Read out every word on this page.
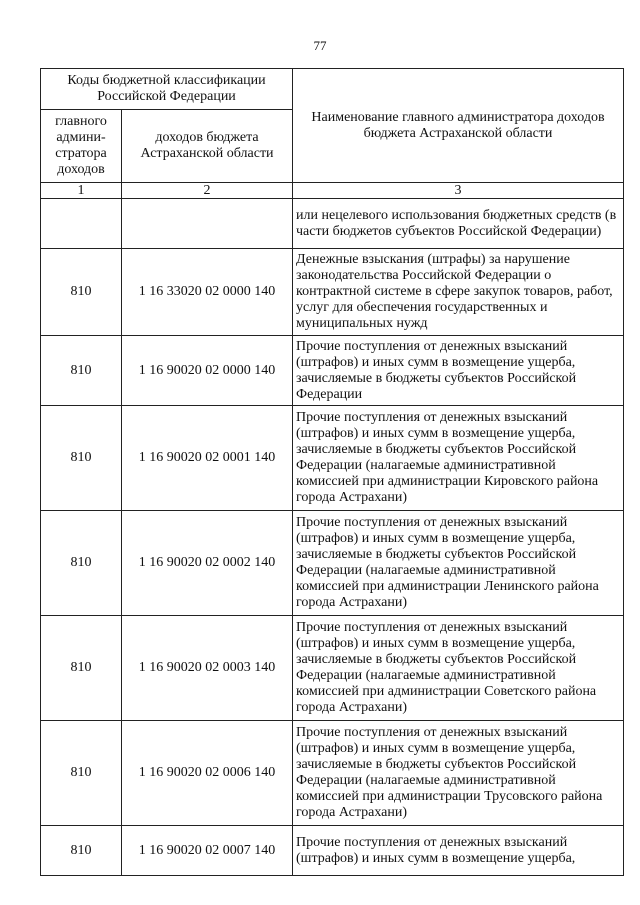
77
Коды бюджетной классификации Российской Федерации		Наименование главного администратора доходов бюджета Астраханской области
главного админи-стратора доходов	доходов бюджета Астраханской области	
1	2	3
		или нецелевого использования бюджетных средств (в части бюджетов субъектов Российской Федерации)
810	1 16 33020 02 0000 140	Денежные взыскания (штрафы) за нарушение законодательства Российской Федерации о контрактной системе в сфере закупок товаров, работ, услуг для обеспечения государственных и муниципальных нужд
810	1 16 90020 02 0000 140	Прочие поступления от денежных взысканий (штрафов) и иных сумм в возмещение ущерба, зачисляемые в бюджеты субъектов Российской Федерации
810	1 16 90020 02 0001 140	Прочие поступления от денежных взысканий (штрафов) и иных сумм в возмещение ущерба, зачисляемые в бюджеты субъектов Российской Федерации (налагаемые административной комиссией при администрации Кировского района города Астрахани)
810	1 16 90020 02 0002 140	Прочие поступления от денежных взысканий (штрафов) и иных сумм в возмещение ущерба, зачисляемые в бюджеты субъектов Российской Федерации (налагаемые административной комиссией при администрации Ленинского района города Астрахани)
810	1 16 90020 02 0003 140	Прочие поступления от денежных взысканий (штрафов) и иных сумм в возмещение ущерба, зачисляемые в бюджеты субъектов Российской Федерации (налагаемые административной комиссией при администрации Советского района города Астрахани)
810	1 16 90020 02 0006 140	Прочие поступления от денежных взысканий (штрафов) и иных сумм в возмещение ущерба, зачисляемые в бюджеты субъектов Российской Федерации (налагаемые административной комиссией при администрации Трусовского района города Астрахани)
810	1 16 90020 02 0007 140	Прочие поступления от денежных взысканий (штрафов) и иных сумм в возмещение ущерба,
